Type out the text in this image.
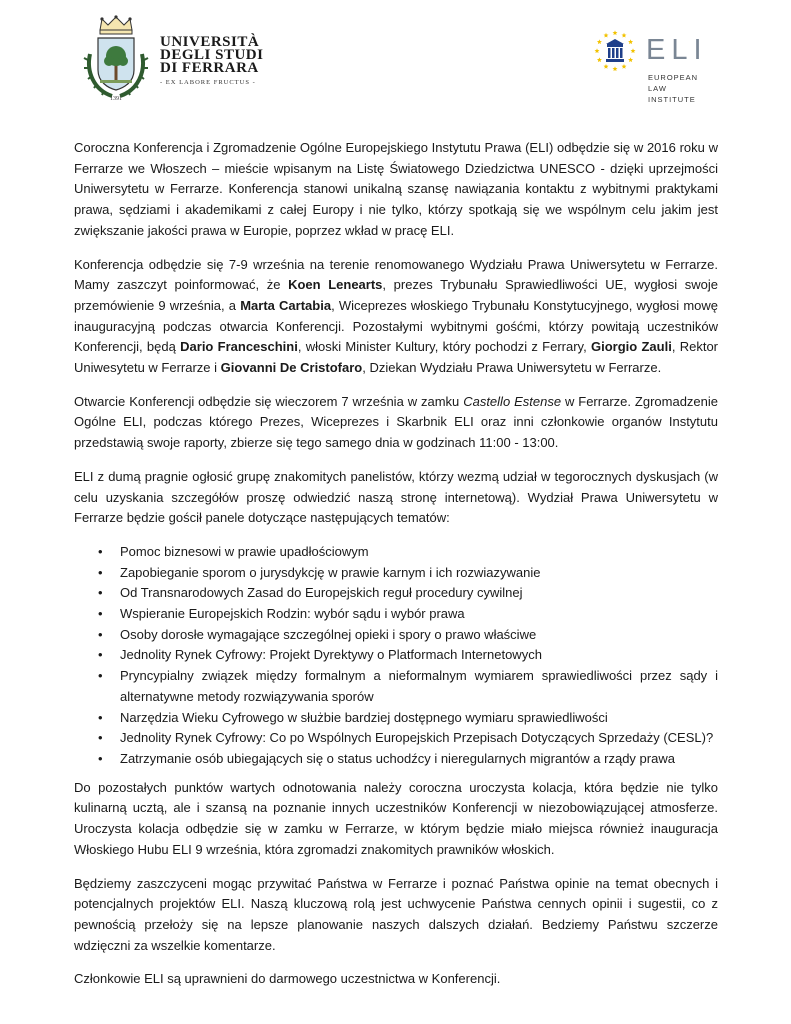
1391
UNIVERSITÀ
DEGLI STUDI
DI FERRARA
- EX LABORE FRUCTUS -
ELI
EUROPEAN
LAW
INSTITUTE

Coroczna Konferencja i Zgromadzenie Ogólne Europejskiego Instytutu Prawa (ELI) odbędzie się w 2016 roku w Ferrarze we Włoszech – mieście wpisanym na Listę Światowego Dziedzictwa UNESCO - dzięki uprzejmości Uniwersytetu w Ferrarze. Konferencja stanowi unikalną szansę nawiązania kontaktu z wybitnymi praktykami prawa, sędziami i akademikami z całej Europy i nie tylko, którzy spotkają się we wspólnym celu jakim jest zwiększanie jakości prawa w Europie, poprzez wkład w pracę ELI.

Konferencja odbędzie się 7-9 września na terenie renomowanego Wydziału Prawa Uniwersytetu w Ferrarze. Mamy zaszczyt poinformować, że Koen Lenearts, prezes Trybunału Sprawiedliwości UE, wygłosi swoje przemówienie 9 września, a Marta Cartabia, Wiceprezes włoskiego Trybunału Konstytucyjnego, wygłosi mowę inauguracyjną podczas otwarcia Konferencji. Pozostałymi wybitnymi gośćmi, którzy powitają uczestników Konferencji, będą Dario Franceschini, włoski Minister Kultury, który pochodzi z Ferrary, Giorgio Zauli, Rektor Uniwesytetu w Ferrarze i Giovanni De Cristofaro, Dziekan Wydziału Prawa Uniwersytetu w Ferrarze.

Otwarcie Konferencji odbędzie się wieczorem 7 września w zamku Castello Estense w Ferrarze. Zgromadzenie Ogólne ELI, podczas którego Prezes, Wiceprezes i Skarbnik ELI oraz inni członkowie organów Instytutu przedstawią swoje raporty, zbierze się tego samego dnia w godzinach 11:00 - 13:00.

ELI z dumą pragnie ogłosić grupę znakomitych panelistów, którzy wezmą udział w tegorocznych dyskusjach (w celu uzyskania szczegółów proszę odwiedzić naszą stronę internetową). Wydział Prawa Uniwersytetu w Ferrarze będzie gościł panele dotyczące następujących tematów:

• Pomoc biznesowi w prawie upadłościowym
• Zapobieganie sporom o jurysdykcję w prawie karnym i ich rozwiazywanie
• Od Transnarodowych Zasad do Europejskich reguł procedury cywilnej
• Wspieranie Europejskich Rodzin: wybór sądu i wybór prawa
• Osoby dorosłe wymagające szczególnej opieki i spory o prawo właściwe
• Jednolity Rynek Cyfrowy: Projekt Dyrektywy o Platformach Internetowych
• Pryncypialny związek między formalnym a nieformalnym wymiarem sprawiedliwości przez sądy i alternatywne metody rozwiązywania sporów
• Narzędzia Wieku Cyfrowego w służbie bardziej dostępnego wymiaru sprawiedliwości
• Jednolity Rynek Cyfrowy: Co po Wspólnych Europejskich Przepisach Dotyczących Sprzedaży (CESL)?
• Zatrzymanie osób ubiegających się o status uchodźcy i nieregularnych migrantów a rządy prawa

Do pozostałych punktów wartych odnotowania należy coroczna uroczysta kolacja, która będzie nie tylko kulinarną ucztą, ale i szansą na poznanie innych uczestników Konferencji w niezobowiązującej atmosferze. Uroczysta kolacja odbędzie się w zamku w Ferrarze, w którym będzie miało miejsca również inauguracja Włoskiego Hubu ELI 9 września, która zgromadzi znakomitych prawników włoskich.

Będziemy zaszczyceni mogąc przywitać Państwa w Ferrarze i poznać Państwa opinie na temat obecnych i potencjalnych projektów ELI. Naszą kluczową rolą jest uchwycenie Państwa cennych opinii i sugestii, co z pewnością przełoży się na lepsze planowanie naszych dalszych działań. Bedziemy Państwu szczerze wdzięczni za wszelkie komentarze.

Członkowie ELI są uprawnieni do darmowego uczestnictwa w Konferencji.
